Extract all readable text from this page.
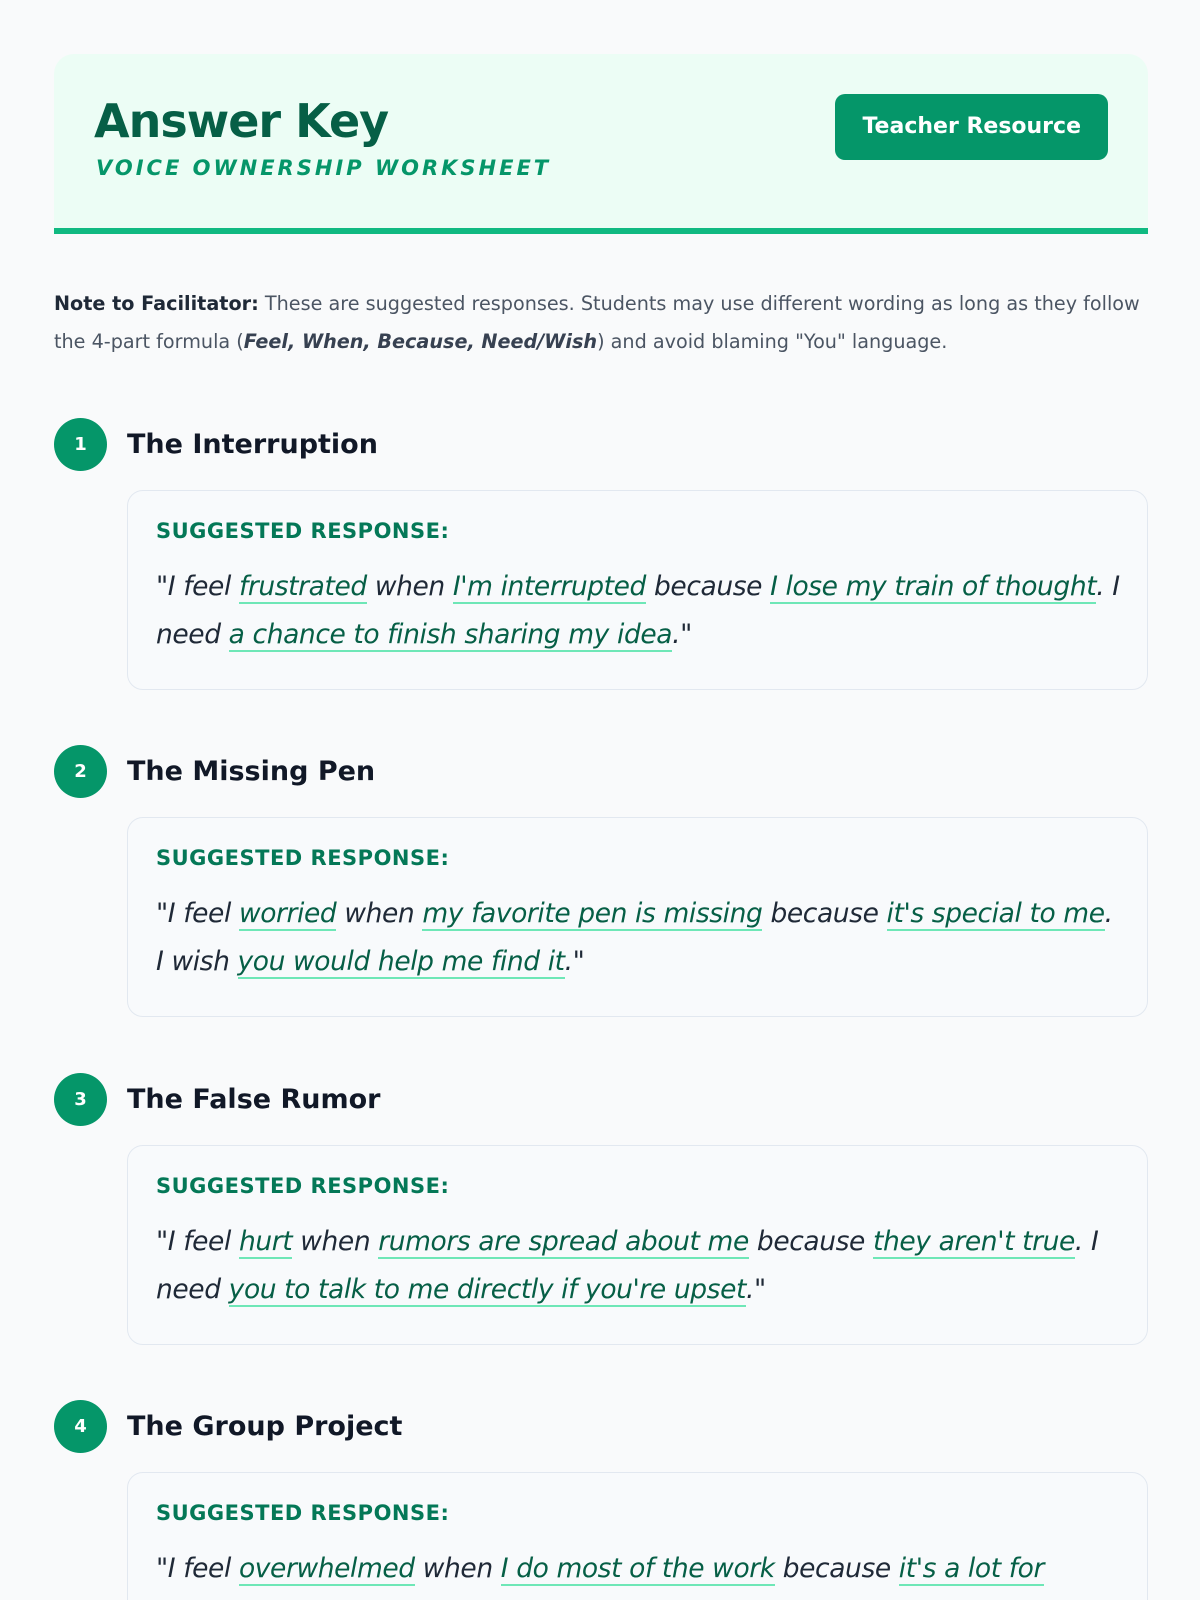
Answer Key
VOICE OWNERSHIP WORKSHEET
Teacher Resource

Note to Facilitator: These are suggested responses. Students may use different wording as long as they follow the 4-part formula (Feel, When, Because, Need/Wish) and avoid blaming "You" language.

1	The Interruption
SUGGESTED RESPONSE:

"I feel frustrated when I'm interrupted because I lose my train of thought. I need a chance to finish sharing my idea."

2	The Missing Pen
SUGGESTED RESPONSE:

"I feel worried when my favorite pen is missing because it's special to me. I wish you would help me find it."

3	The False Rumor
SUGGESTED RESPONSE:

"I feel hurt when rumors are spread about me because they aren't true. I need you to talk to me directly if you're upset."

4	The Group Project
SUGGESTED RESPONSE:

"I feel overwhelmed when I do most of the work because it's a lot for
